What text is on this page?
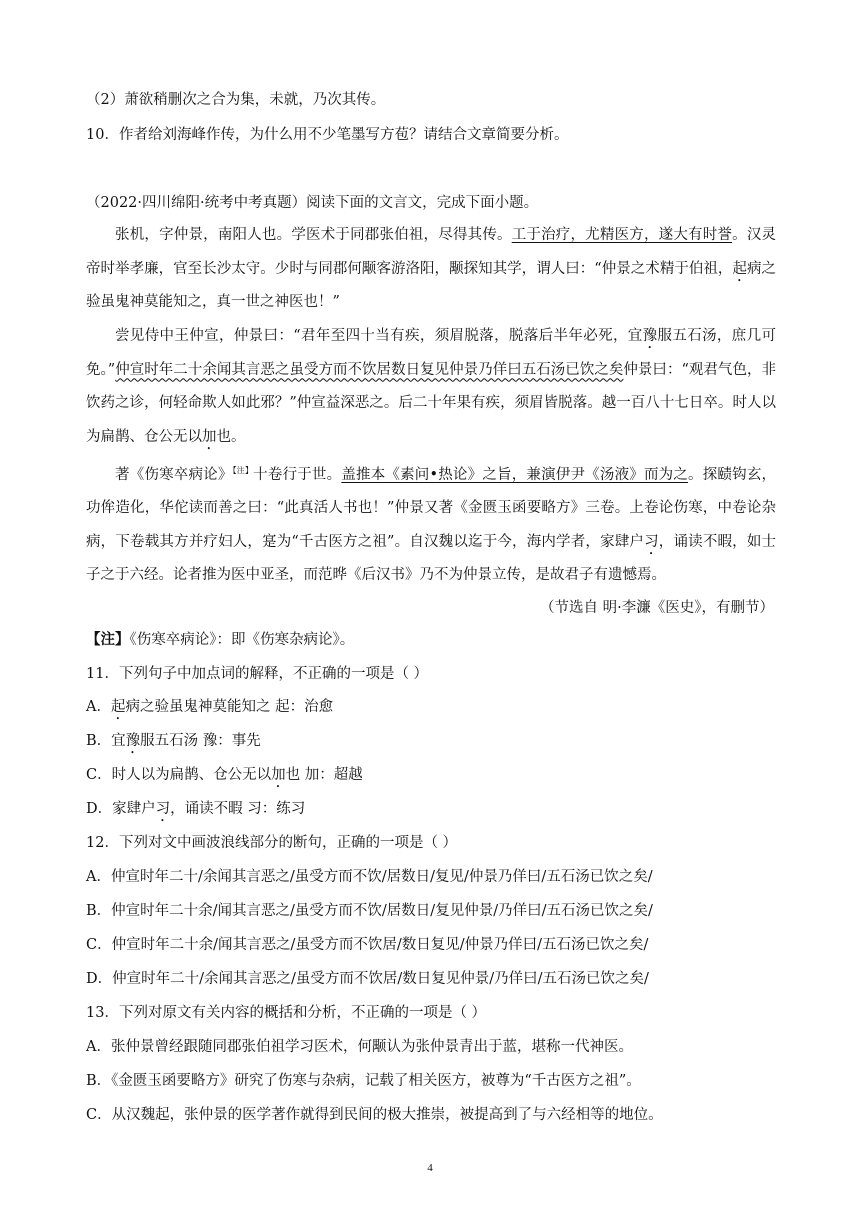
（2）萧欲稍删次之合为集，未就，乃次其传。
10．作者给刘海峰作传，为什么用不少笔墨写方苞？请结合文章简要分析。
（2022·四川绵阳·统考中考真题）阅读下面的文言文，完成下面小题。
张机，字仲景，南阳人也。学医术于同郡张伯祖，尽得其传。工于治疗，尤精医方，遂大有时誉。汉灵帝时举孝廉，官至长沙太守。少时与同郡何颙客游洛阳，颙探知其学，谓人曰：“仲景之术精于伯祖，起病之验虽鬼神莫能知之，真一世之神医也！”
尝见侍中王仲宣，仲景曰：“君年至四十当有疾，须眉脱落，脱落后半年必死，宜豫服五石汤，庶几可免。”仲宣时年二十余闻其言恶之虽受方而不饮居数日复见仲景乃佯曰五石汤已饮之矣仲景曰：“观君气色，非饮药之诊，何轻命欺人如此邪？”仲宣益深恶之。后二十年果有疾，须眉皆脱落。越一百八十七日卒。时人以为扁鹊、仓公无以加也。
著《伤寒卒病论》$^{【注】}$十卷行于世。盖推本《素问•热论》之旨，兼演伊尹《汤液》而为之。探赜钩玄，功侔造化，华佗读而善之曰：“此真活人书也！”仲景又著《金匮玉函要略方》三卷。上卷论伤寒，中卷论杂病，下卷载其方并疗妇人，寔为“千古医方之祖”。自汉魏以迄于今，海内学者，家肆户习，诵读不暇，如士子之于六经。论者推为医中亚圣，而范晔《后汉书》乃不为仲景立传，是故君子有遗憾焉。
（节选自 明·李濂《医史》，有删节）
【注】《伤寒卒病论》：即《伤寒杂病论》。
11．下列句子中加点词的解释，不正确的一项是（ ）
A．起病之验虽鬼神莫能知之 起：治愈
B．宜豫服五石汤 豫：事先
C．时人以为扁鹊、仓公无以加也 加：超越
D．家肆户习，诵读不暇 习：练习
12．下列对文中画波浪线部分的断句，正确的一项是（ ）
A．仲宣时年二十/余闻其言恶之/虽受方而不饮/居数日/复见/仲景乃佯曰/五石汤已饮之矣/
B．仲宣时年二十余/闻其言恶之/虽受方而不饮/居数日/复见仲景/乃佯曰/五石汤已饮之矣/
C．仲宣时年二十余/闻其言恶之/虽受方而不饮居/数日复见/仲景乃佯曰/五石汤已饮之矣/
D．仲宣时年二十/余闻其言恶之/虽受方而不饮居/数日复见仲景/乃佯曰/五石汤已饮之矣/
13．下列对原文有关内容的概括和分析，不正确的一项是（ ）
A．张仲景曾经跟随同郡张伯祖学习医术，何颙认为张仲景青出于蓝，堪称一代神医。
B．《金匮玉函要略方》研究了伤寒与杂病，记载了相关医方，被尊为“千古医方之祖”。
C．从汉魏起，张仲景的医学著作就得到民间的极大推崇，被提高到了与六经相等的地位。
4
